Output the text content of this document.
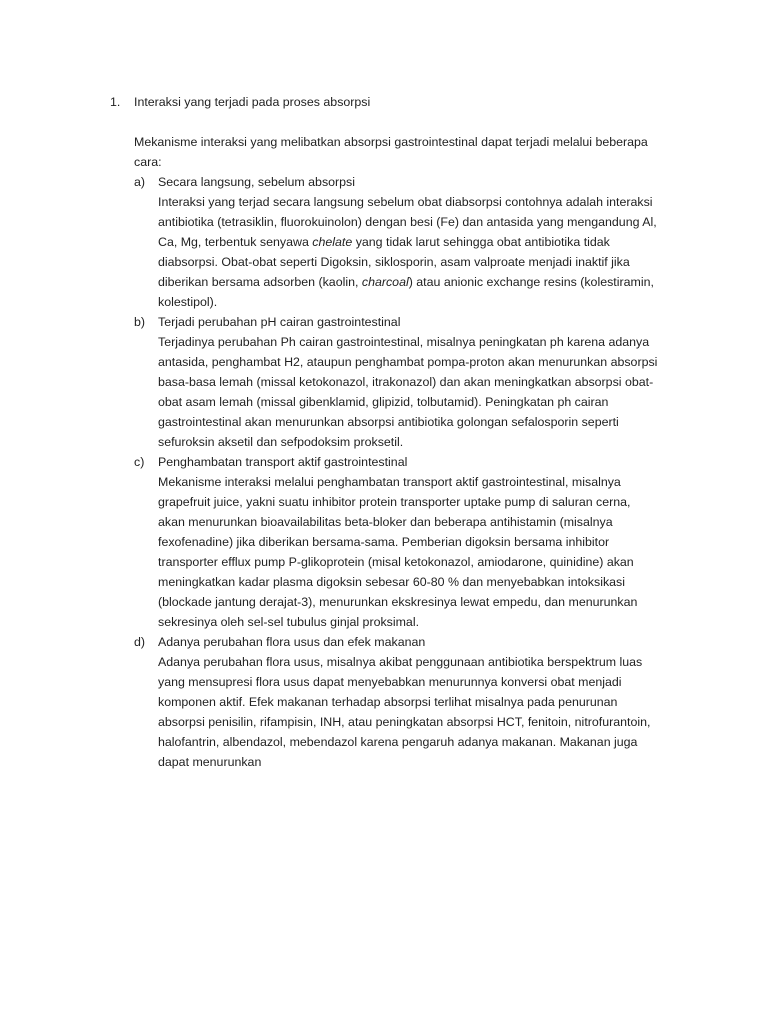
1. Interaksi yang terjadi pada proses absorpsi
Mekanisme interaksi yang melibatkan absorpsi gastrointestinal dapat terjadi melalui beberapa
cara:
a)	Secara langsung, sebelum absorpsi
Interaksi yang terjad secara langsung sebelum obat diabsorpsi contohnya adalah interaksi
antibiotika (tetrasiklin, fluorokuinolon) dengan besi (Fe) dan antasida yang mengandung Al,
Ca, Mg, terbentuk senyawa chelate yang tidak larut sehingga obat antibiotika tidak
diabsorpsi. Obat-obat seperti Digoksin, siklosporin, asam valproate menjadi inaktif jika
diberikan bersama adsorben (kaolin, charcoal) atau anionic exchange resins (kolestiramin,
kolestipol).
b)	Terjadi perubahan pH cairan gastrointestinal
Terjadinya perubahan Ph cairan gastrointestinal, misalnya peningkatan ph karena adanya
antasida, penghambat H2, ataupun penghambat pompa-proton akan menurunkan absorpsi
basa-basa lemah (missal ketokonazol, itrakonazol) dan akan meningkatkan absorpsi obat-
obat asam lemah (missal gibenklamid, glipizid, tolbutamid). Peningkatan ph cairan
gastrointestinal akan menurunkan absorpsi antibiotika golongan sefalosporin seperti
sefuroksin aksetil dan sefpodoksim proksetil.
c)	Penghambatan transport aktif gastrointestinal
Mekanisme interaksi melalui penghambatan transport aktif gastrointestinal, misalnya
grapefruit juice, yakni suatu inhibitor protein transporter uptake pump di saluran cerna,
akan menurunkan bioavailabilitas beta-bloker dan beberapa antihistamin (misalnya
fexofenadine) jika diberikan bersama-sama. Pemberian digoksin bersama inhibitor
transporter efflux pump P-glikoprotein (misal ketokonazol, amiodarone, quinidine) akan
meningkatkan kadar plasma digoksin sebesar 60-80 % dan menyebabkan intoksikasi
(blockade jantung derajat-3), menurunkan ekskresinya lewat empedu, dan menurunkan
sekresinya oleh sel-sel tubulus ginjal proksimal.
d)	Adanya perubahan flora usus dan efek makanan
Adanya perubahan flora usus, misalnya akibat penggunaan antibiotika berspektrum luas
yang mensupresi flora usus dapat menyebabkan menurunnya konversi obat menjadi
komponen aktif. Efek makanan terhadap absorpsi terlihat misalnya pada penurunan
absorpsi penisilin, rifampisin, INH, atau peningkatan absorpsi HCT, fenitoin, nitrofurantoin,
halofantrin, albendazol, mebendazol karena pengaruh adanya makanan. Makanan juga
dapat menurunkan
